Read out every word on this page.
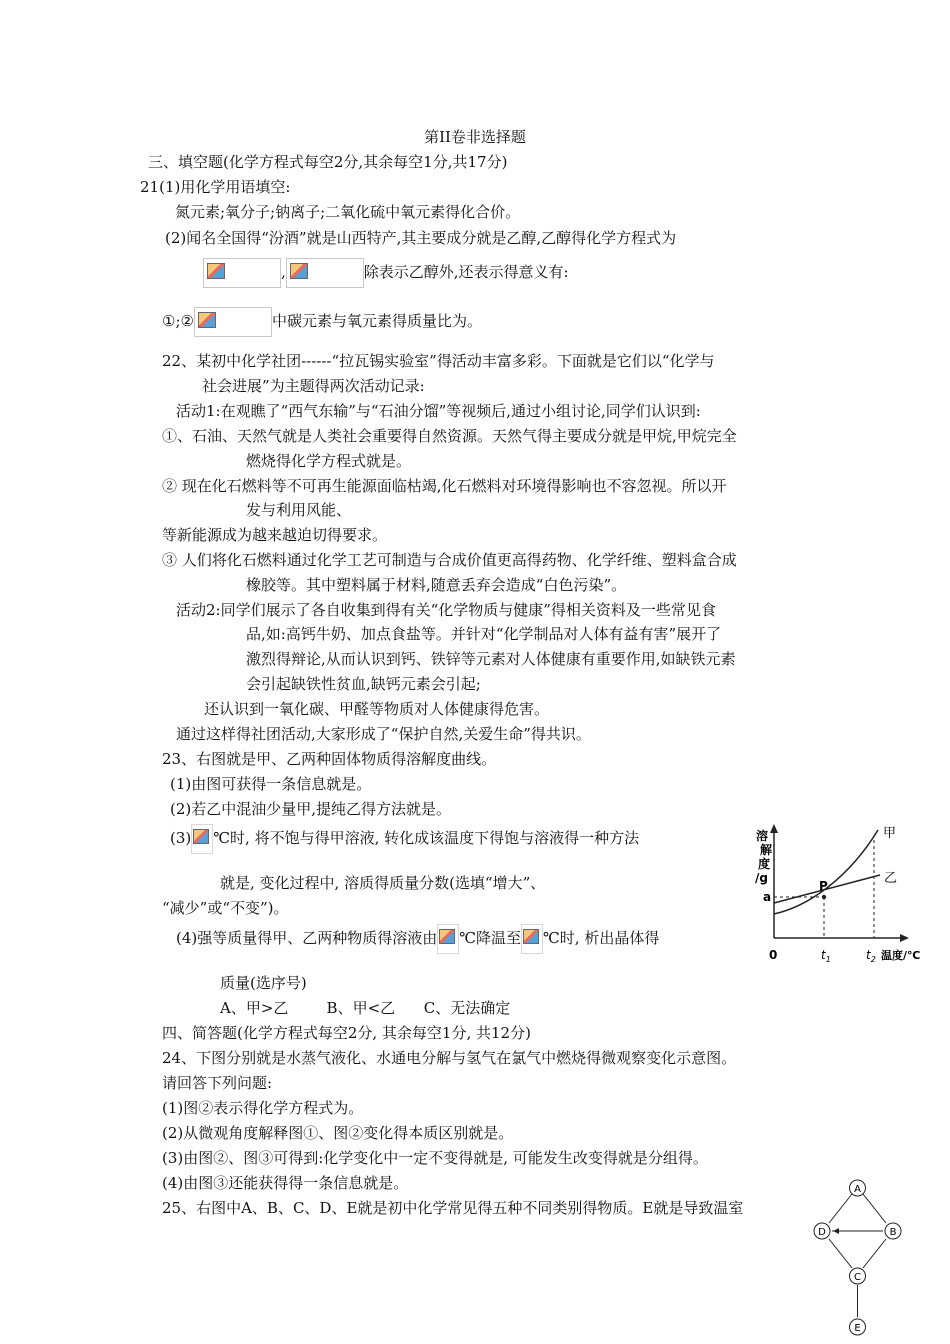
第II卷非选择题
三、填空题(化学方程式每空2分,其余每空1分,共17分)
21(1)用化学用语填空:
氮元素;氧分子;钠离子;二氧化硫中氧元素得化合价。
(2)闻名全国得“汾酒”就是山西特产,其主要成分就是乙醇,乙醇得化学方程式为
,	除表示乙醇外,还表示得意义有:
①;②	中碳元素与氧元素得质量比为。
22、某初中化学社团------“拉瓦锡实验室”得活动丰富多彩。下面就是它们以“化学与
社会进展”为主题得两次活动记录:
活动1:在观瞧了“西气东输”与“石油分馏”等视频后,通过小组讨论,同学们认识到:
①、石油、天然气就是人类社会重要得自然资源。天然气得主要成分就是甲烷,甲烷完全
燃烧得化学方程式就是。
② 现在化石燃料等不可再生能源面临枯竭,化石燃料对环境得影响也不容忽视。所以开
发与利用风能、
等新能源成为越来越迫切得要求。
③ 人们将化石燃料通过化学工艺可制造与合成价值更高得药物、化学纤维、塑料盒合成
橡胶等。其中塑料属于材料,随意丢弃会造成“白色污染”。
活动2:同学们展示了各自收集到得有关“化学物质与健康”得相关资料及一些常见食
品,如:高钙牛奶、加点食盐等。并针对“化学制品对人体有益有害”展开了
激烈得辩论,从而认识到钙、铁锌等元素对人体健康有重要作用,如缺铁元素
会引起缺铁性贫血,缺钙元素会引起;
还认识到一氧化碳、甲醛等物质对人体健康得危害。
通过这样得社团活动,大家形成了“保护自然,关爱生命”得共识。
23、右图就是甲、乙两种固体物质得溶解度曲线。
(1)由图可获得一条信息就是。
(2)若乙中混油少量甲,提纯乙得方法就是。
(3) ℃时, 将不饱与得甲溶液, 转化成该温度下得饱与溶液得一种方法
就是, 变化过程中, 溶质得质量分数(选填“增大”、
“减少”或“不变”)。
(4)强等质量得甲、乙两种物质得溶液由 ℃降温至 ℃时, 析出晶体得
质量(选序号)
A、甲>乙        B、甲<乙      C、无法确定
四、简答题(化学方程式每空2分, 其余每空1分, 共12分)
24、下图分别就是水蒸气液化、水通电分解与氢气在氯气中燃烧得微观察变化示意图。
请回答下列问题:
(1)图②表示得化学方程式为。
(2)从微观角度解释图①、图②变化得本质区别就是。
(3)由图②、图③可得到:化学变化中一定不变得就是, 可能发生改变得就是分组得。
(4)由图③还能获得得一条信息就是。
25、右图中A、B、C、D、E就是初中化学常见得五种不同类别得物质。E就是导致温室
溶
解
度
/g
甲
乙
P
a
0	$t_1$	$t_2$ 温度/℃
A
B
C
D
E
